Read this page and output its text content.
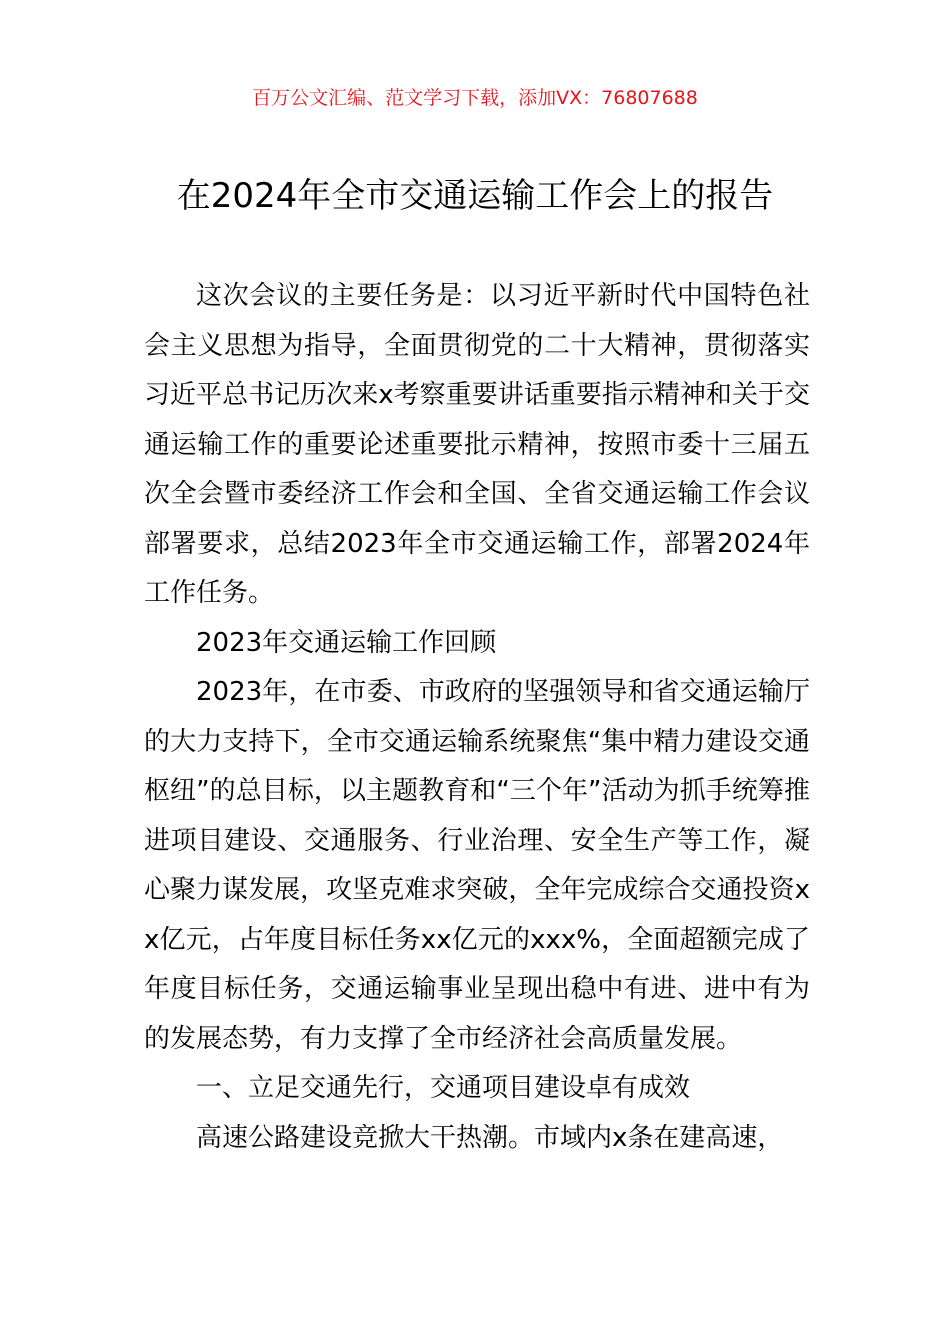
百万公文汇编、范文学习下载，添加VX：76807688
在2024年全市交通运输工作会上的报告

这次会议的主要任务是：以习近平新时代中国特色社会主义思想为指导，全面贯彻党的二十大精神，贯彻落实习近平总书记历次来x考察重要讲话重要指示精神和关于交通运输工作的重要论述重要批示精神，按照市委十三届五次全会暨市委经济工作会和全国、全省交通运输工作会议部署要求，总结2023年全市交通运输工作，部署2024年工作任务。

2023年交通运输工作回顾

2023年，在市委、市政府的坚强领导和省交通运输厅的大力支持下，全市交通运输系统聚焦“集中精力建设交通枢纽”的总目标，以主题教育和“三个年”活动为抓手统筹推进项目建设、交通服务、行业治理、安全生产等工作，凝心聚力谋发展，攻坚克难求突破，全年完成综合交通投资xx亿元，占年度目标任务xx亿元的xxx%，全面超额完成了年度目标任务，交通运输事业呈现出稳中有进、进中有为的发展态势，有力支撑了全市经济社会高质量发展。

一、立足交通先行，交通项目建设卓有成效

高速公路建设竞掀大干热潮。市域内x条在建高速，
